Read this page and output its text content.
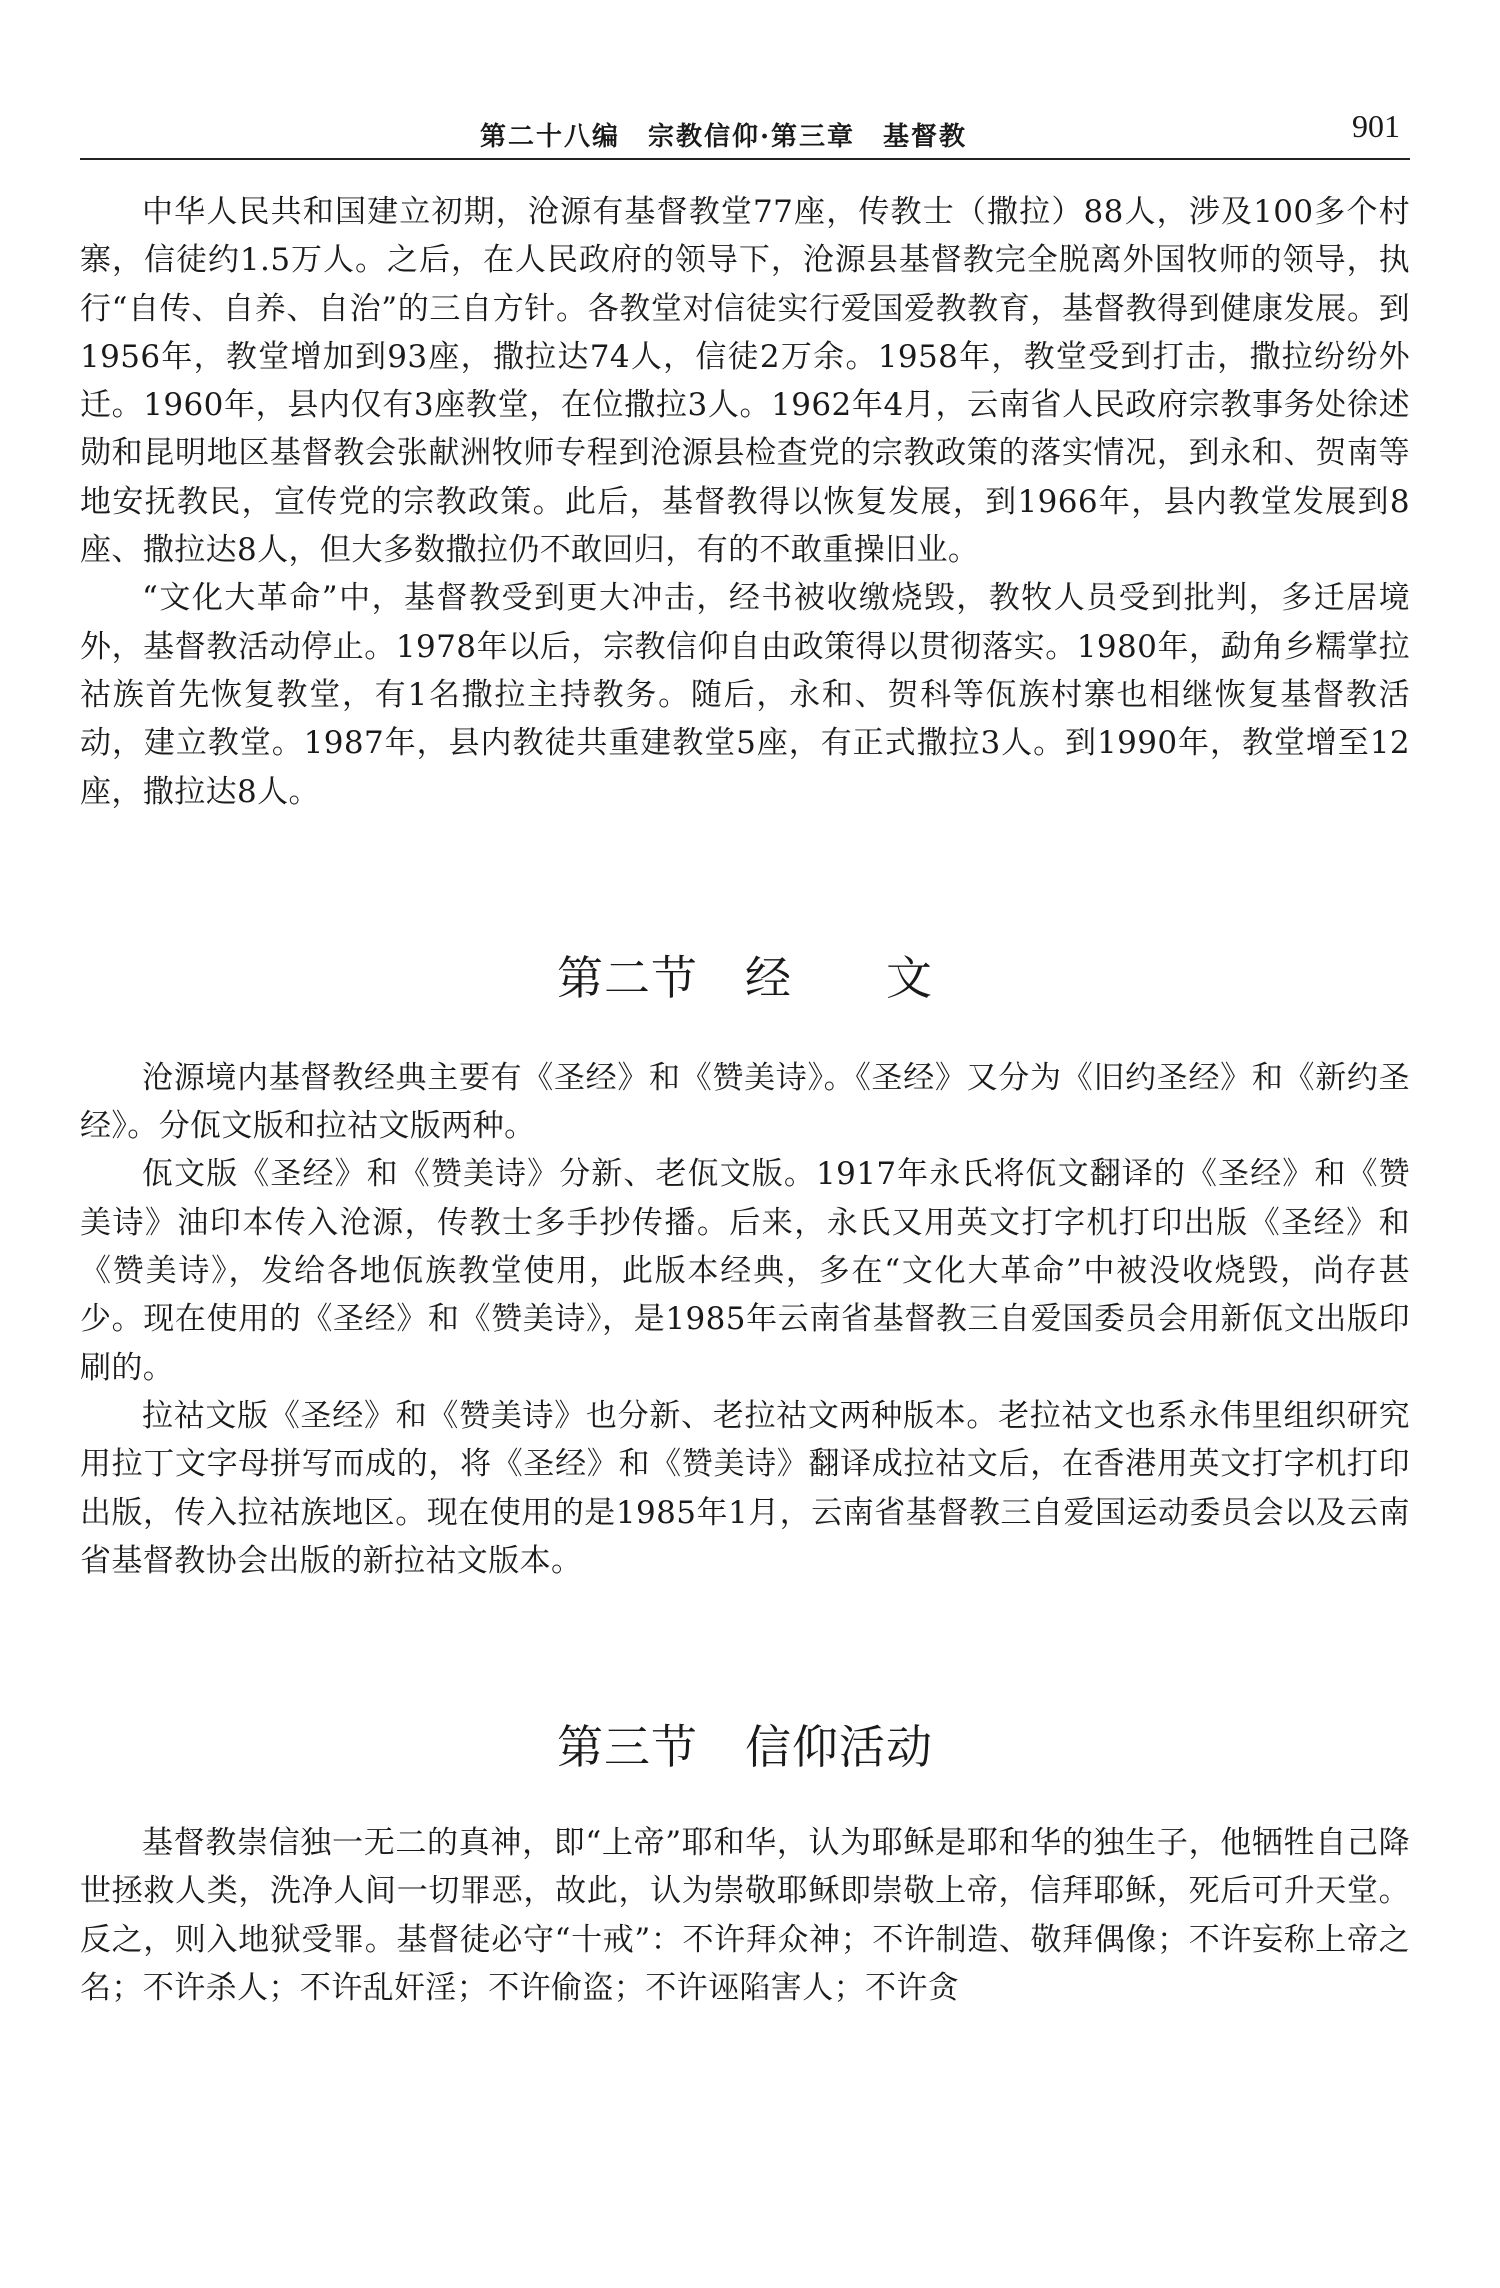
第二十八编　宗教信仰·第三章　基督教	901

中华人民共和国建立初期，沧源有基督教堂77座，传教士（撒拉）88人，涉及100多个村寨，信徒约1.5万人。之后，在人民政府的领导下，沧源县基督教完全脱离外国牧师的领导，执行“自传、自养、自治”的三自方针。各教堂对信徒实行爱国爱教教育，基督教得到健康发展。到1956年，教堂增加到93座，撒拉达74人，信徒2万余。1958年，教堂受到打击，撒拉纷纷外迁。1960年，县内仅有3座教堂，在位撒拉3人。1962年4月，云南省人民政府宗教事务处徐述勋和昆明地区基督教会张献洲牧师专程到沧源县检查党的宗教政策的落实情况，到永和、贺南等地安抚教民，宣传党的宗教政策。此后，基督教得以恢复发展，到1966年，县内教堂发展到8座、撒拉达8人，但大多数撒拉仍不敢回归，有的不敢重操旧业。

“文化大革命”中，基督教受到更大冲击，经书被收缴烧毁，教牧人员受到批判，多迁居境外，基督教活动停止。1978年以后，宗教信仰自由政策得以贯彻落实。1980年，勐角乡糯掌拉祜族首先恢复教堂，有1名撒拉主持教务。随后，永和、贺科等佤族村寨也相继恢复基督教活动，建立教堂。1987年，县内教徒共重建教堂5座，有正式撒拉3人。到1990年，教堂增至12座，撒拉达8人。

第二节　经　　文

沧源境内基督教经典主要有《圣经》和《赞美诗》。《圣经》又分为《旧约圣经》和《新约圣经》。分佤文版和拉祜文版两种。

佤文版《圣经》和《赞美诗》分新、老佤文版。1917年永氏将佤文翻译的《圣经》和《赞美诗》油印本传入沧源，传教士多手抄传播。后来，永氏又用英文打字机打印出版《圣经》和《赞美诗》，发给各地佤族教堂使用，此版本经典，多在“文化大革命”中被没收烧毁，尚存甚少。现在使用的《圣经》和《赞美诗》，是1985年云南省基督教三自爱国委员会用新佤文出版印刷的。

拉祜文版《圣经》和《赞美诗》也分新、老拉祜文两种版本。老拉祜文也系永伟里组织研究用拉丁文字母拼写而成的，将《圣经》和《赞美诗》翻译成拉祜文后，在香港用英文打字机打印出版，传入拉祜族地区。现在使用的是1985年1月，云南省基督教三自爱国运动委员会以及云南省基督教协会出版的新拉祜文版本。

第三节　信仰活动

基督教崇信独一无二的真神，即“上帝”耶和华，认为耶稣是耶和华的独生子，他牺牲自己降世拯救人类，洗净人间一切罪恶，故此，认为崇敬耶稣即崇敬上帝，信拜耶稣，死后可升天堂。反之，则入地狱受罪。基督徒必守“十戒”：不许拜众神；不许制造、敬拜偶像；不许妄称上帝之名；不许杀人；不许乱奸淫；不许偷盗；不许诬陷害人；不许贪
